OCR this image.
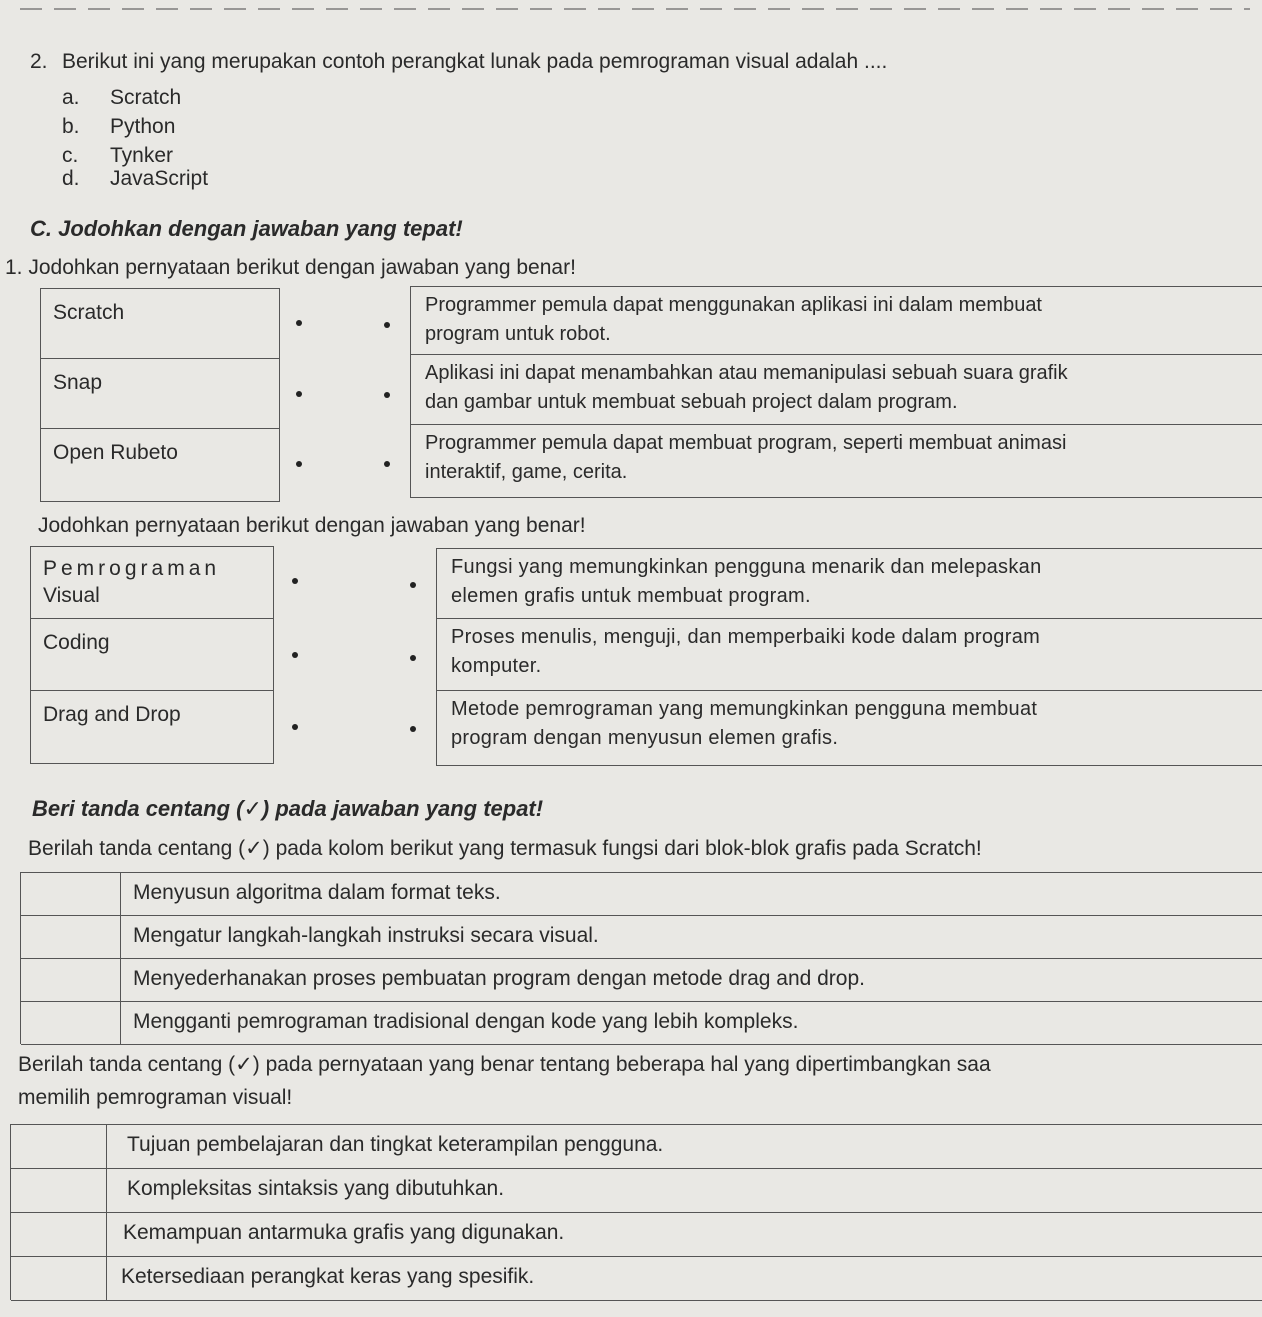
2. Berikut ini yang merupakan contoh perangkat lunak pada pemrograman visual adalah ....
a. Scratch
b. Python
c. Tynker
d. JavaScript
C. Jodohkan dengan jawaban yang tepat!
1. Jodohkan pernyataan berikut dengan jawaban yang benar!
Scratch
Snap
Open Rubeto
Programmer pemula dapat menggunakan aplikasi ini dalam membuat
program untuk robot.
Aplikasi ini dapat menambahkan atau memanipulasi sebuah suara grafik
dan gambar untuk membuat sebuah project dalam program.
Programmer pemula dapat membuat program, seperti membuat animasi
interaktif, game, cerita.
Jodohkan pernyataan berikut dengan jawaban yang benar!
Pemrograman
Visual
Coding
Drag and Drop
Fungsi yang memungkinkan pengguna menarik dan melepaskan
elemen grafis untuk membuat program.
Proses menulis, menguji, dan memperbaiki kode dalam program
komputer.
Metode pemrograman yang memungkinkan pengguna membuat
program dengan menyusun elemen grafis.
Beri tanda centang (✓) pada jawaban yang tepat!
Berilah tanda centang (✓) pada kolom berikut yang termasuk fungsi dari blok-blok grafis pada Scratch!
Menyusun algoritma dalam format teks.
Mengatur langkah-langkah instruksi secara visual.
Menyederhanakan proses pembuatan program dengan metode drag and drop.
Mengganti pemrograman tradisional dengan kode yang lebih kompleks.
Berilah tanda centang (✓) pada pernyataan yang benar tentang beberapa hal yang dipertimbangkan saa
memilih pemrograman visual!
Tujuan pembelajaran dan tingkat keterampilan pengguna.
Kompleksitas sintaksis yang dibutuhkan.
Kemampuan antarmuka grafis yang digunakan.
Ketersediaan perangkat keras yang spesifik.
